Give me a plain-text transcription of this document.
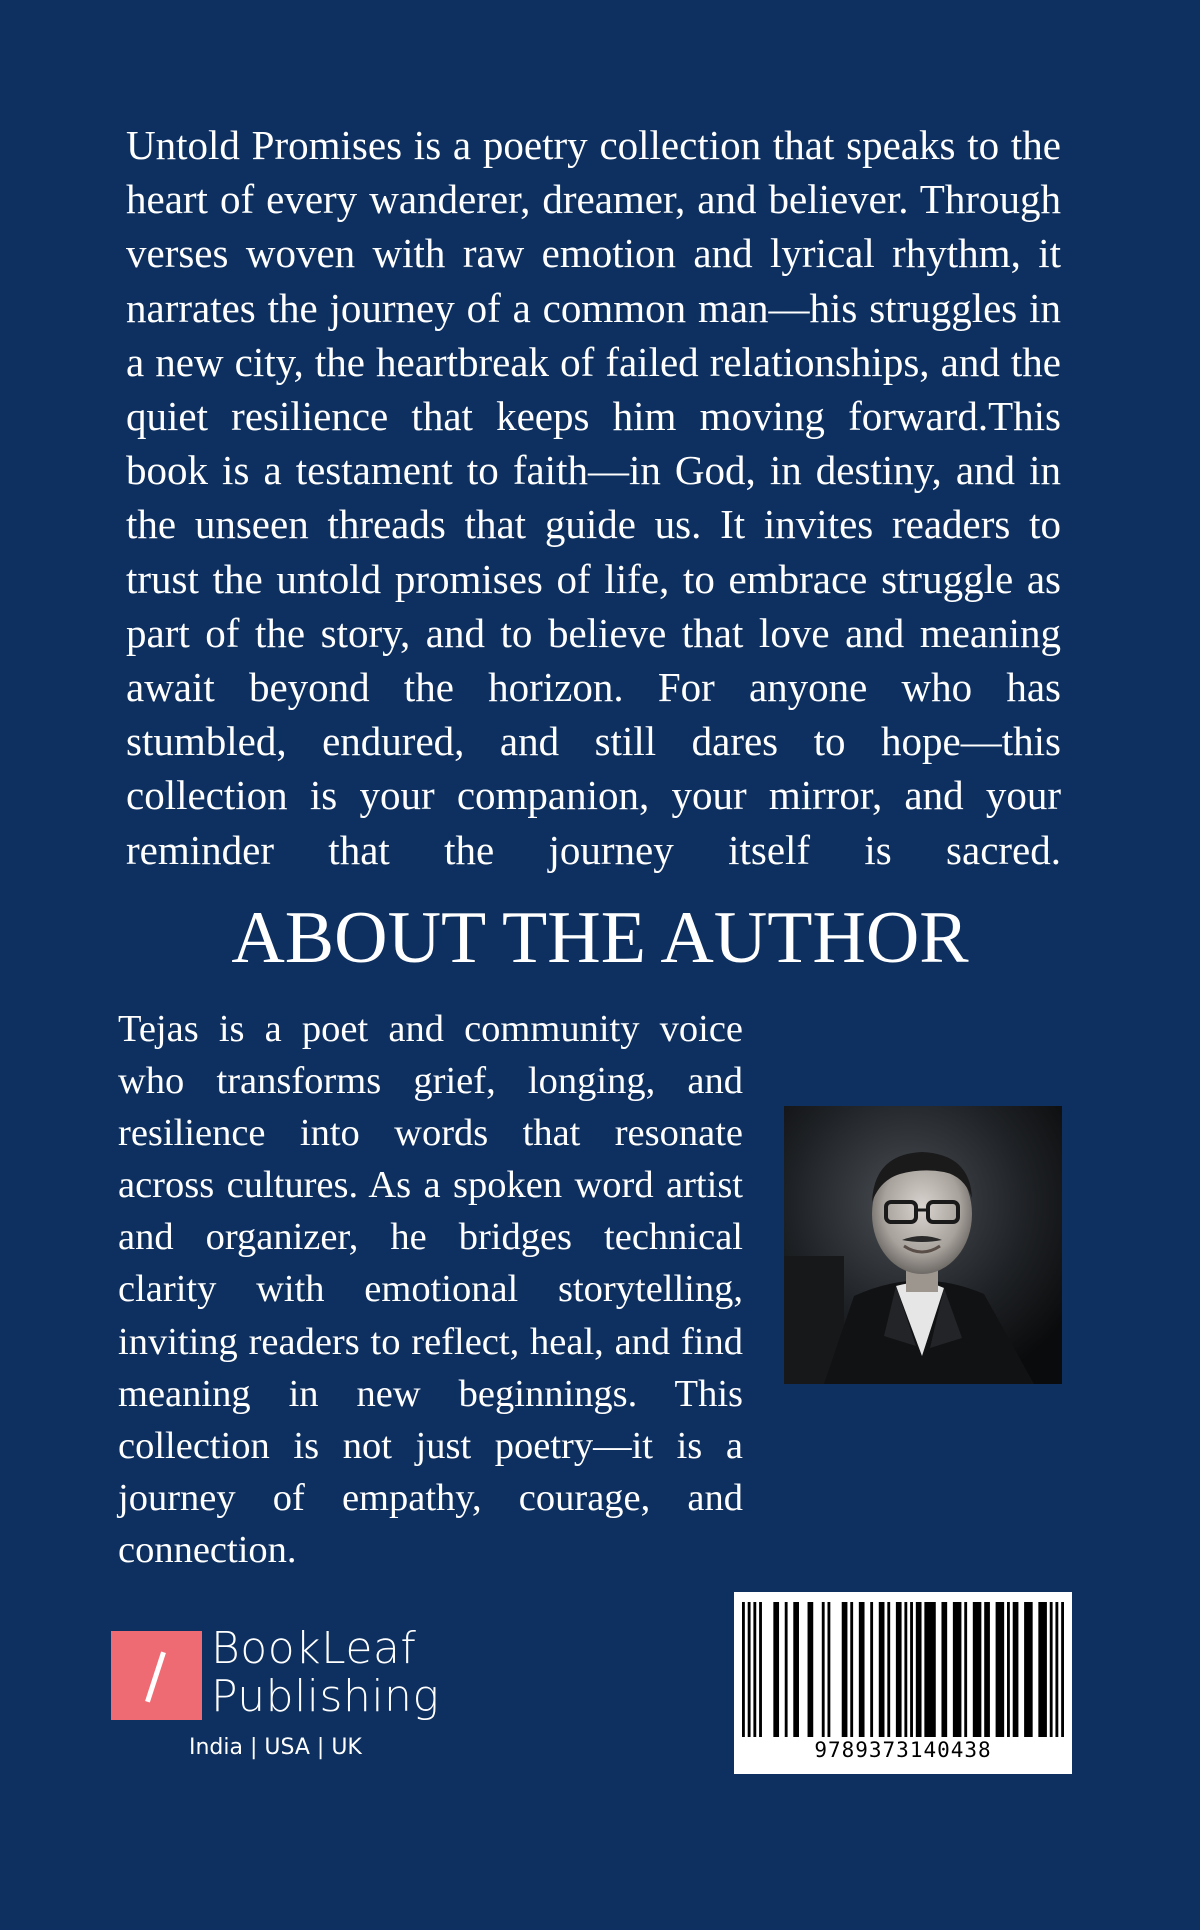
Untold Promises is a poetry collection that speaks to the heart of every wanderer, dreamer, and believer. Through verses woven with raw emotion and lyrical rhythm, it narrates the journey of a common man—his struggles in a new city, the heartbreak of failed relationships, and the quiet resilience that keeps him moving forward.This book is a testament to faith—in God, in destiny, and in the unseen threads that guide us. It invites readers to trust the untold promises of life, to embrace struggle as part of the story, and to believe that love and meaning await beyond the horizon. For anyone who has stumbled, endured, and still dares to hope—this collection is your companion, your mirror, and your reminder that the journey itself is sacred.

ABOUT THE AUTHOR

Tejas is a poet and community voice who transforms grief, longing, and resilience into words that resonate across cultures. As a spoken word artist and organizer, he bridges technical clarity with emotional storytelling, inviting readers to reflect, heal, and find meaning in new beginnings. This collection is not just poetry—it is a journey of empathy, courage, and connection.

BookLeaf
Publishing
India | USA | UK	9789373140438
